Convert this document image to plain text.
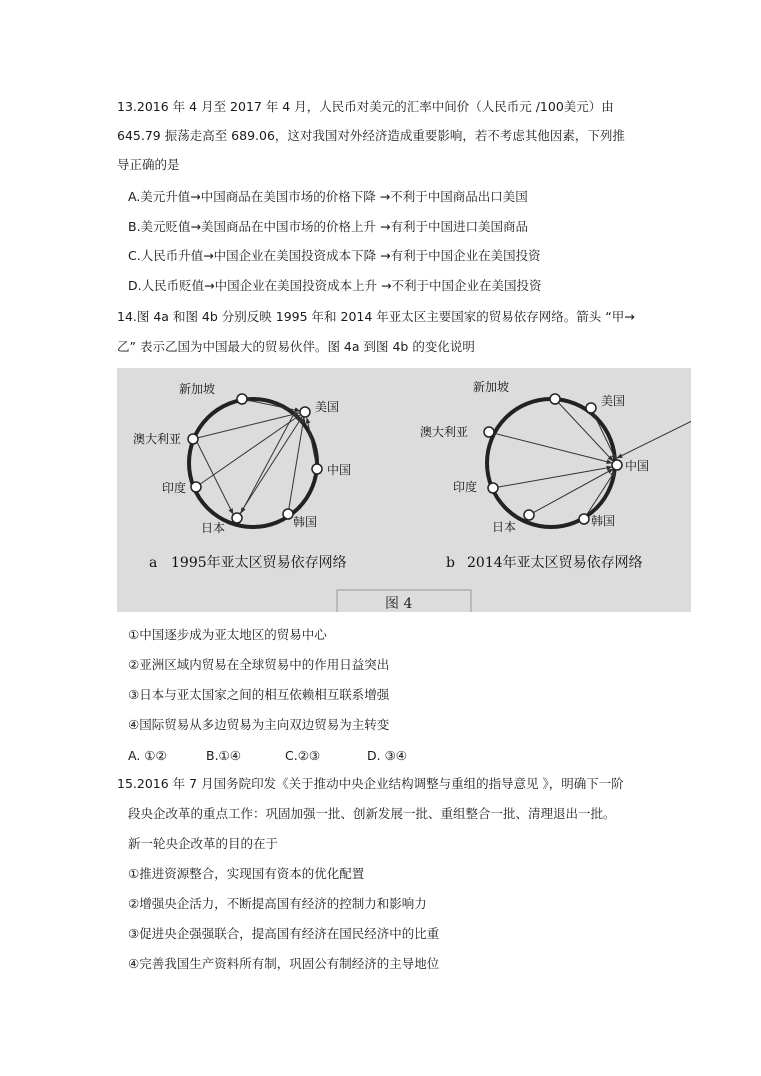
13.2016 年 4 月至 2017 年 4 月，人民币对美元的汇率中间价（人民币元 /100美元）由
645.79 振荡走高至 689.06，这对我国对外经济造成重要影响，若不考虑其他因素，下列推
导正确的是
A.美元升值→中国商品在美国市场的价格下降 →不利于中国商品出口美国
B.美元贬值→美国商品在中国市场的价格上升 →有利于中国进口美国商品
C.人民币升值→中国企业在美国投资成本下降 →有利于中国企业在美国投资
D.人民币贬值→中国企业在美国投资成本上升 →不利于中国企业在美国投资
14.图 4a 和图 4b 分别反映 1995 年和 2014 年亚太区主要国家的贸易依存网络。箭头 “甲→
乙” 表示乙国为中国最大的贸易伙伴。图 4a 到图 4b 的变化说明
新加坡
美国
澳大利亚
中国
印度
日本	韩国
a 1995年亚太区贸易依存网络
新加坡
美国
澳大利亚
中国
印度
日本	韩国
b 2014年亚太区贸易依存网络
图 4
①中国逐步成为亚太地区的贸易中心
②亚洲区域内贸易在全球贸易中的作用日益突出
③日本与亚太国家之间的相互依赖相互联系增强
④国际贸易从多边贸易为主向双边贸易为主转变
A. ①②	B.①④	C.②③	D. ③④
15.2016 年 7 月国务院印发《关于推动中央企业结构调整与重组的指导意见 》，明确下一阶
段央企改革的重点工作：巩固加强一批、创新发展一批、重组整合一批、清理退出一批。
新一轮央企改革的目的在于
①推进资源整合，实现国有资本的优化配置
②增强央企活力，不断提高国有经济的控制力和影响力
③促进央企强强联合，提高国有经济在国民经济中的比重
④完善我国生产资料所有制，巩固公有制经济的主导地位
